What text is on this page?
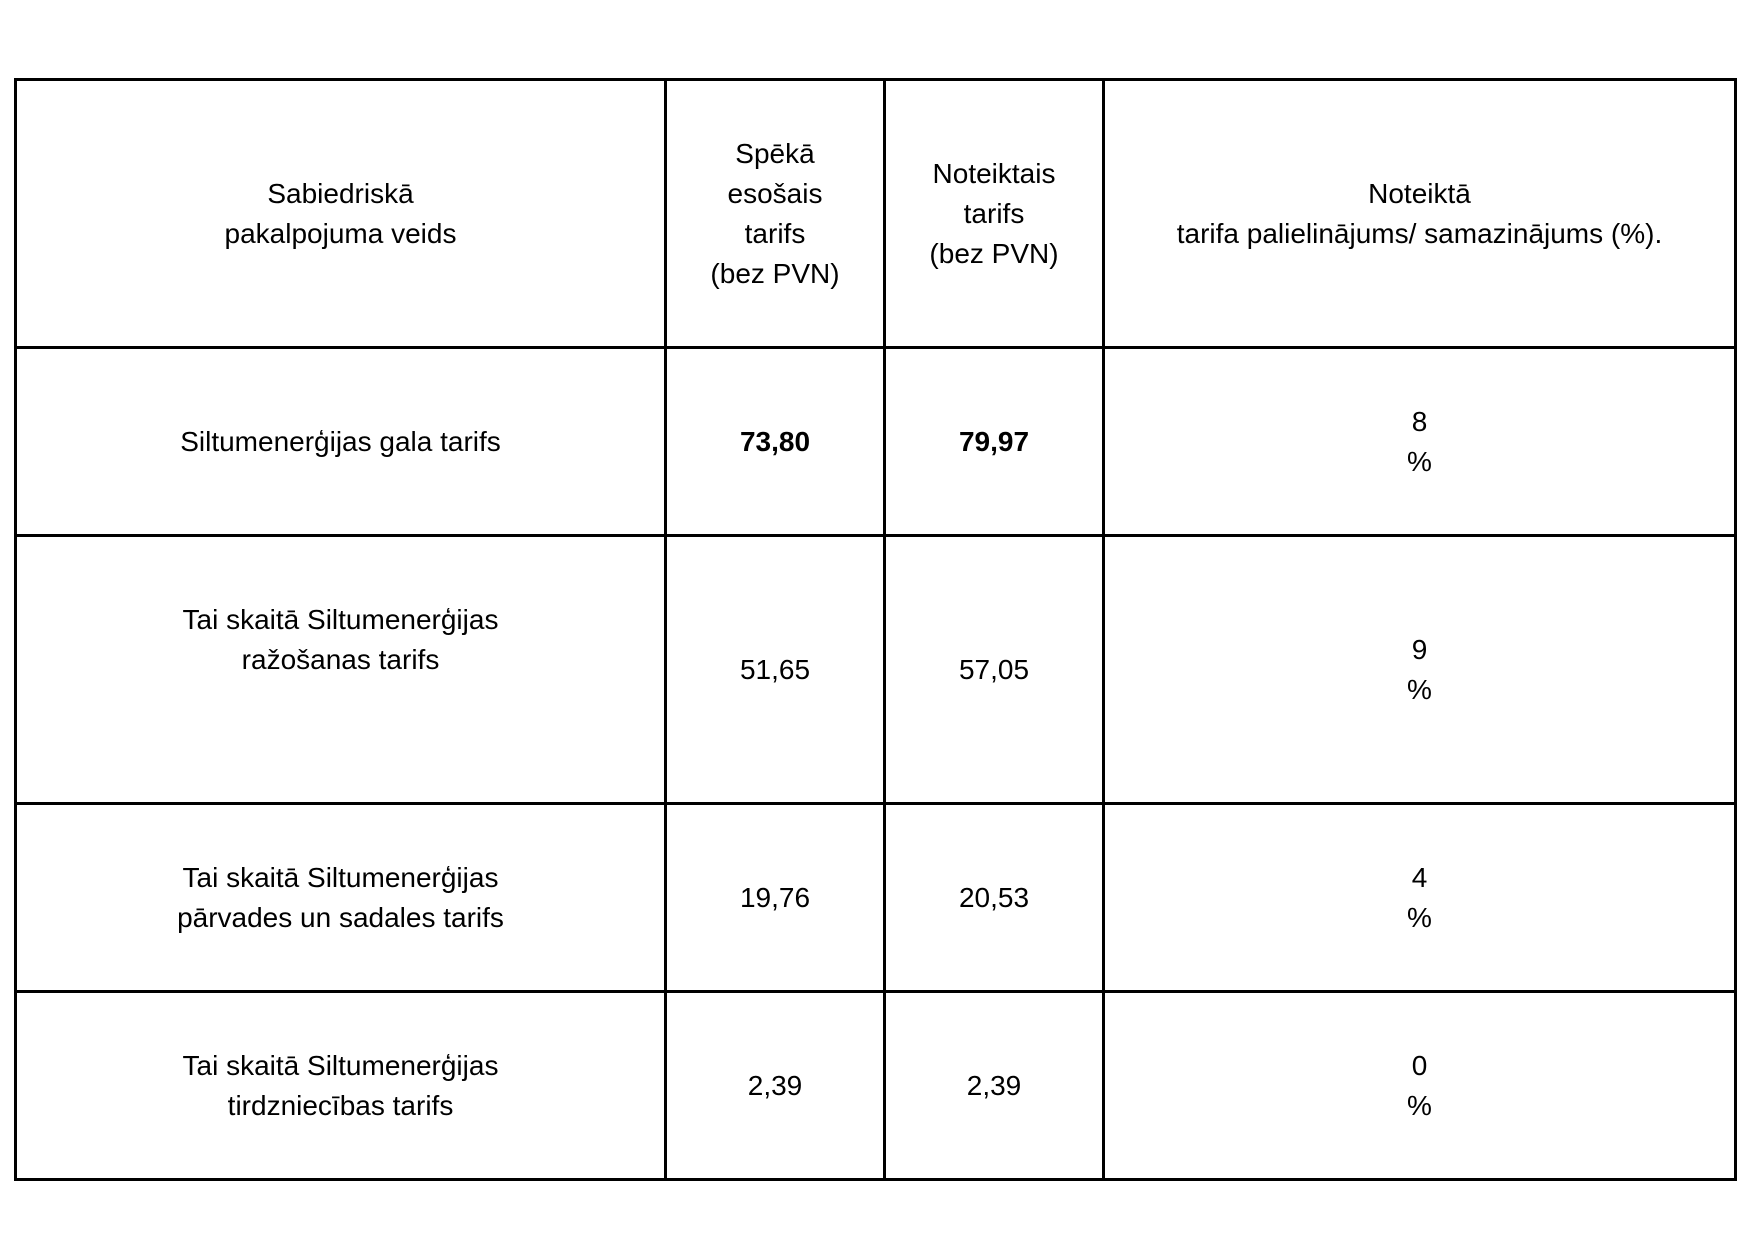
Sabiedriskā
pakalpojuma veids	Spēkā
esošais
tarifs
(bez PVN)	Noteiktais
tarifs
(bez PVN)	Noteiktā
tarifa palielinājums/ samazinājums (%).

Siltumenerģijas gala tarifs	73,80	79,97	8
%

Tai skaitā Siltumenerģijas
ražošanas tarifs	51,65	57,05	9
%

Tai skaitā Siltumenerģijas
pārvades un sadales tarifs	19,76	20,53	4
%

Tai skaitā Siltumenerģijas
tirdzniecības tarifs	2,39	2,39	0
%
